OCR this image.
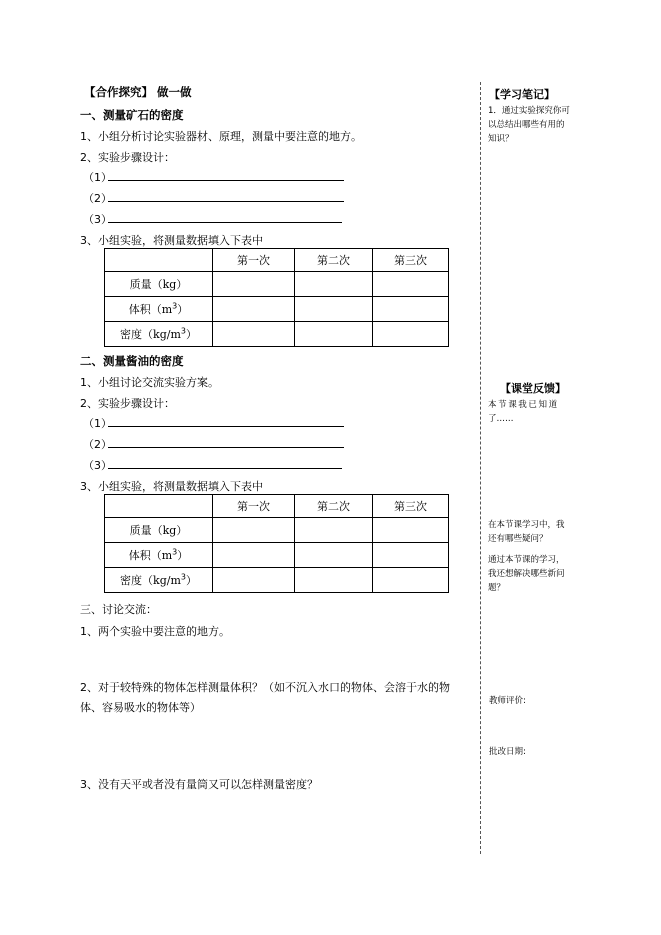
【合作探究】 做一做
一、测量矿石的密度
1、小组分析讨论实验器材、原理，测量中要注意的地方。
2、实验步骤设计：
（1）
（2）
（3）
3、小组实验，将测量数据填入下表中
	第一次	第二次	第三次
质量（kg）			
体积$(m^3)$			
密度$(kg/m^3)$			
二、测量酱油的密度
1、小组讨论交流实验方案。
2、实验步骤设计：
（1）
（2）
（3）
3、小组实验，将测量数据填入下表中
	第一次	第二次	第三次
质量（kg）			
体积$(m^3)$			
密度$(kg/m^3)$			
三、讨论交流：
1、两个实验中要注意的地方。
2、对于较特殊的物体怎样测量体积？（如不沉入水口的物体、会溶于水的物
体、容易吸水的物体等）
3、没有天平或者没有量筒又可以怎样测量密度？
【学习笔记】
1．通过实验探究你可
以总结出哪些有用的
知识？
【课堂反馈】
本节课我已知道
了……
在本节课学习中，我
还有哪些疑问？
通过本节课的学习，
我还想解决哪些新问
题？
教师评价:
批改日期:
